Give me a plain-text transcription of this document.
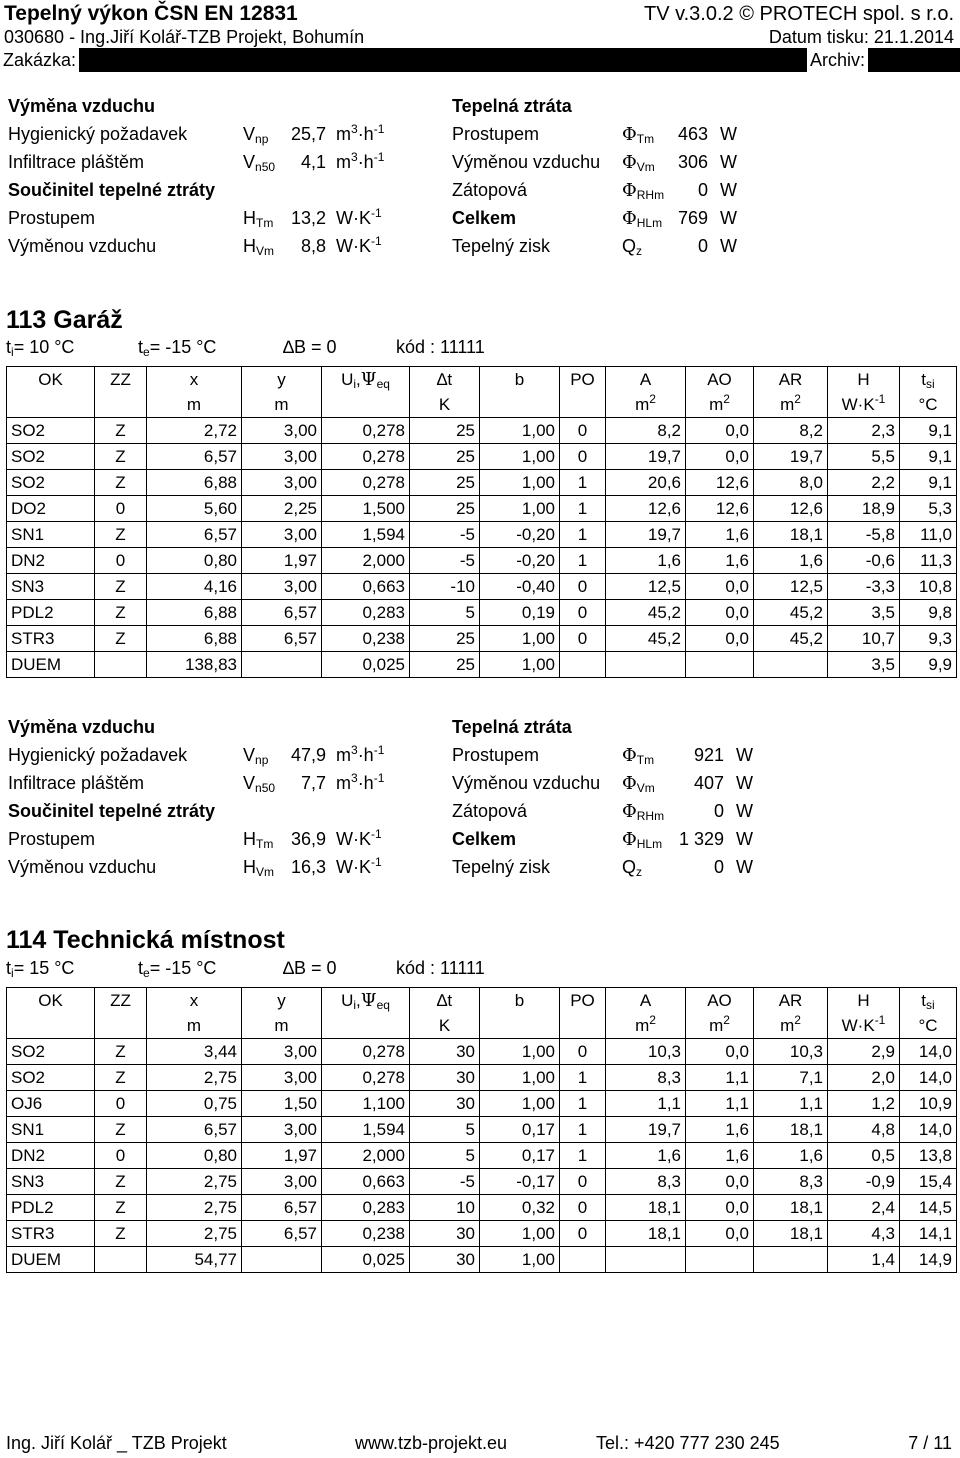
Tepelný výkon ČSN EN 12831	TV v.3.0.2 © PROTECH spol. s r.o.
030680 - Ing.Jiří Kolář-TZB Projekt, Bohumín	Datum tisku: 21.1.2014
Zakázka:	Archiv:
Výměna vzduchu	Tepelná ztráta
Hygienický požadavek	$V_{np}$	25,7 $m^3\cdot h^{-1}$	Prostupem	$\Phi_{Tm}$	463 W
Infiltrace pláštěm	$V_{n50}$	4,1 $m^3\cdot h^{-1}$	Výměnou vzduchu $\Phi_{Vm}$	306 W
Součinitel tepelné ztráty	Zátopová	$\Phi_{RHm}$	0 W
Prostupem	$H_{Tm}$ 13,2 $W\cdot K^{-1}$	Celkem	$\Phi_{HLm}$ 769 W
Výměnou vzduchu	$H_{Vm}$	8,8 $W\cdot K^{-1}$	Tepelný zisk	$Q_z$	0 W
113 Garáž
$t_i = 10$ °C	$t_e = -15$ °C	∆ B = 0	kód : 11111
OK	ZZ	x	y	$U_i,\Psi_{eq}$	∆t	b	PO	A	AO	AR	H	$t_{si}$
		m	m		K			$m^2$	$m^2$	$m^2$	$W\cdot K^{-1}$	°C
SO2	Z	2,72	3,00	0,278	25	1,00	0	8,2	0,0	8,2	2,3	9,1
SO2	Z	6,57	3,00	0,278	25	1,00	0	19,7	0,0	19,7	5,5	9,1
SO2	Z	6,88	3,00	0,278	25	1,00	1	20,6	12,6	8,0	2,2	9,1
DO2	0	5,60	2,25	1,500	25	1,00	1	12,6	12,6	12,6	18,9	5,3
SN1	Z	6,57	3,00	1,594	-5	-0,20	1	19,7	1,6	18,1	-5,8	11,0
DN2	0	0,80	1,97	2,000	-5	-0,20	1	1,6	1,6	1,6	-0,6	11,3
SN3	Z	4,16	3,00	0,663	-10	-0,40	0	12,5	0,0	12,5	-3,3	10,8
PDL2	Z	6,88	6,57	0,283	5	0,19	0	45,2	0,0	45,2	3,5	9,8
STR3	Z	6,88	6,57	0,238	25	1,00	0	45,2	0,0	45,2	10,7	9,3
DUEM		138,83		0,025	25	1,00					3,5	9,9
Výměna vzduchu	Tepelná ztráta
Hygienický požadavek	$V_{np}$	47,9 $m^3\cdot h^{-1}$	Prostupem	$\Phi_{Tm}$	921 W
Infiltrace pláštěm	$V_{n50}$	7,7 $m^3\cdot h^{-1}$	Výměnou vzduchu $\Phi_{Vm}$	407 W
Součinitel tepelné ztráty	Zátopová	$\Phi_{RHm}$	0 W
Prostupem	$H_{Tm}$ 36,9 $W\cdot K^{-1}$	Celkem	$\Phi_{HLm}$ 1 329 W
Výměnou vzduchu	$H_{Vm}$ 16,3 $W\cdot K^{-1}$	Tepelný zisk	$Q_z$	0 W
114 Technická místnost
$t_i = 15$ °C	$t_e = -15$ °C	∆ B = 0	kód : 11111
OK	ZZ	x	y	$U_i,\Psi_{eq}$	∆t	b	PO	A	AO	AR	H	$t_{si}$
		m	m		K			$m^2$	$m^2$	$m^2$	$W\cdot K^{-1}$	°C
SO2	Z	3,44	3,00	0,278	30	1,00	0	10,3	0,0	10,3	2,9	14,0
SO2	Z	2,75	3,00	0,278	30	1,00	1	8,3	1,1	7,1	2,0	14,0
OJ6	0	0,75	1,50	1,100	30	1,00	1	1,1	1,1	1,1	1,2	10,9
SN1	Z	6,57	3,00	1,594	5	0,17	1	19,7	1,6	18,1	4,8	14,0
DN2	0	0,80	1,97	2,000	5	0,17	1	1,6	1,6	1,6	0,5	13,8
SN3	Z	2,75	3,00	0,663	-5	-0,17	0	8,3	0,0	8,3	-0,9	15,4
PDL2	Z	2,75	6,57	0,283	10	0,32	0	18,1	0,0	18,1	2,4	14,5
STR3	Z	2,75	6,57	0,238	30	1,00	0	18,1	0,0	18,1	4,3	14,1
DUEM		54,77		0,025	30	1,00					1,4	14,9
Ing. Jiří Kolář _ TZB Projekt	www.tzb-projekt.eu	Tel.: +420 777 230 245	7 / 11
